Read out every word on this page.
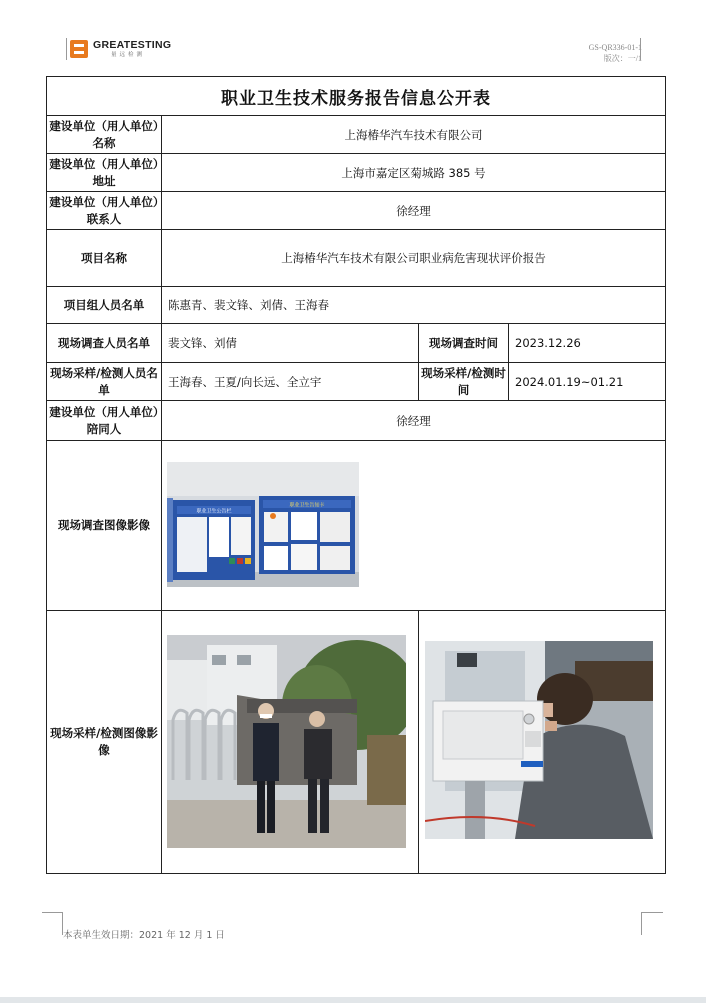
GREATESTING
量远检测
GS-QR336-01-1
版次：一/1
职业卫生技术服务报告信息公开表			
建设单位（用人单位）名称	上海椿华汽车技术有限公司		
建设单位（用人单位）地址	上海市嘉定区菊城路 385 号		
建设单位（用人单位）联系人	徐经理		
项目名称	上海椿华汽车技术有限公司职业病危害现状评价报告		
项目组人员名单	陈惠青、裴文锋、刘倩、王海春		
现场调查人员名单	裴文锋、刘倩	现场调查时间	2023.12.26
现场采样/检测人员名单	王海春、王夏/向长远、全立宇	现场采样/检测时间	2024.01.19~01.21
建设单位（用人单位）陪同人	徐经理		
现场调查图像影像	职业卫生公告栏
职业卫生告知卡		

现场采样/检测图像影像	

本表单生效日期：2021 年 12 月 1 日
